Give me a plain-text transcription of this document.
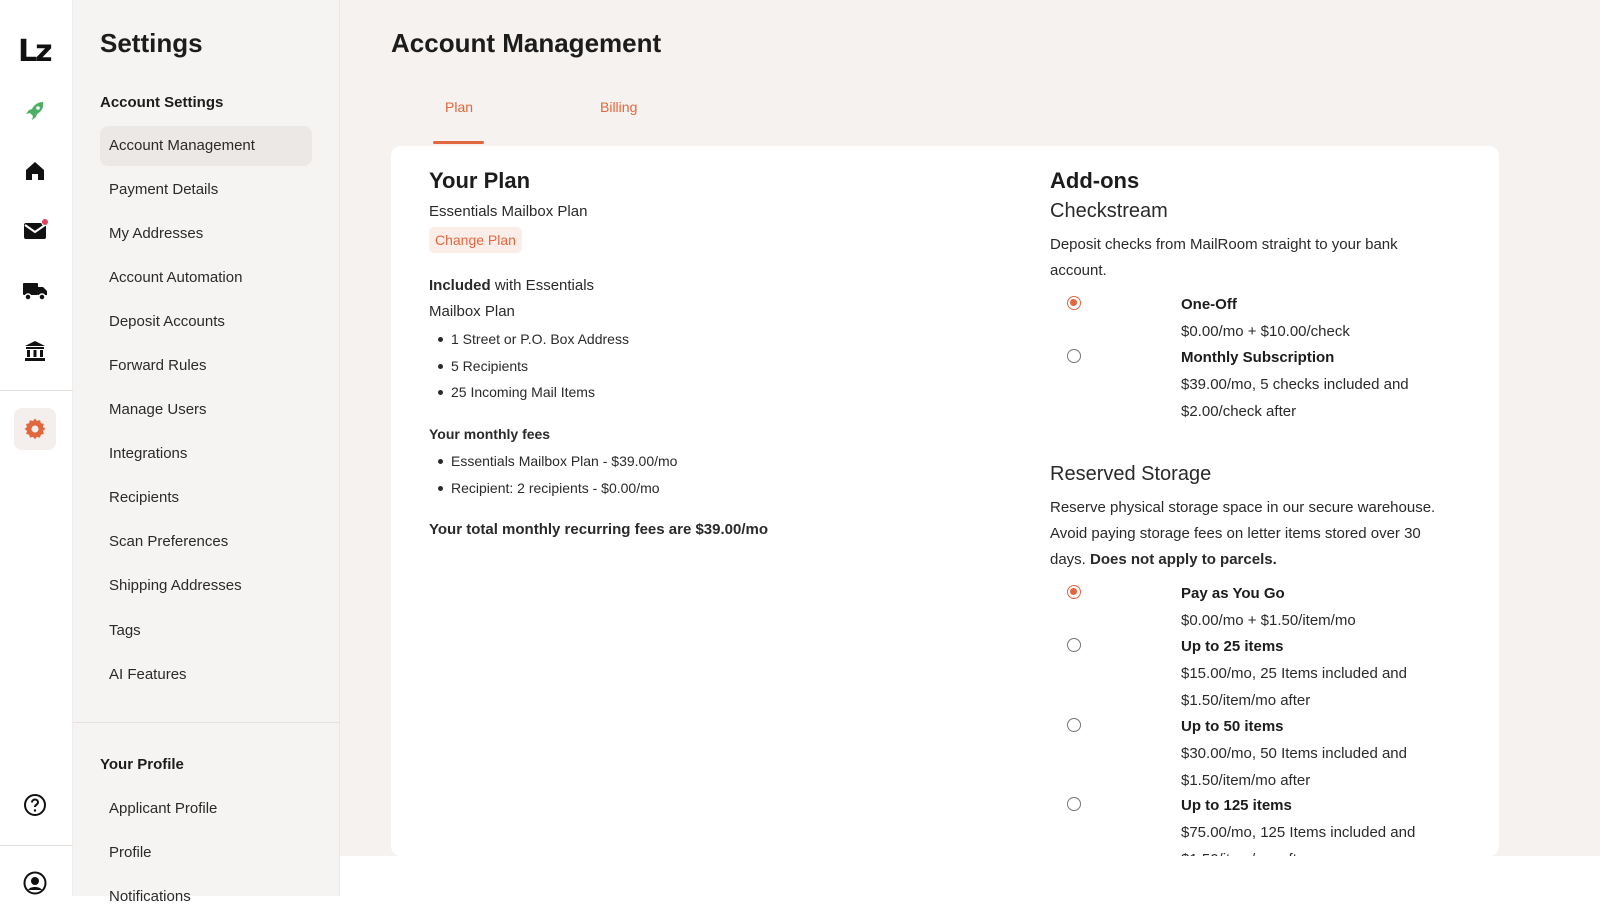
Lz Settings
Account Settings
Account Management
Payment Details
My Addresses
Account Automation
Deposit Accounts
Forward Rules
Manage Users
Integrations
Recipients
Scan Preferences
Shipping Addresses
Tags
AI Features
Your Profile
Applicant Profile
Profile
Notifications
Account Management
Plan	Billing
Your Plan
Essentials Mailbox Plan
Change Plan
Included with Essentials
Mailbox Plan
1 Street or P.O. Box Address
5 Recipients
25 Incoming Mail Items
Your monthly fees
Essentials Mailbox Plan - $39.00/mo
Recipient: 2 recipients - $0.00/mo
Your total monthly recurring fees are $39.00/mo
Add-ons
Checkstream
Deposit checks from MailRoom straight to your bank
account.
One-Off
$0.00/mo + $10.00/check
Monthly Subscription
$39.00/mo, 5 checks included and $2.00/check after
Reserved Storage
Reserve physical storage space in our secure warehouse.
Avoid paying storage fees on letter items stored over 30
days. Does not apply to parcels.
Pay as You Go
$0.00/mo + $1.50/item/mo
Up to 25 items
$15.00/mo, 25 Items included and $1.50/item/mo after
Up to 50 items
$30.00/mo, 50 Items included and $1.50/item/mo after
Up to 125 items
$75.00/mo, 125 Items included and
